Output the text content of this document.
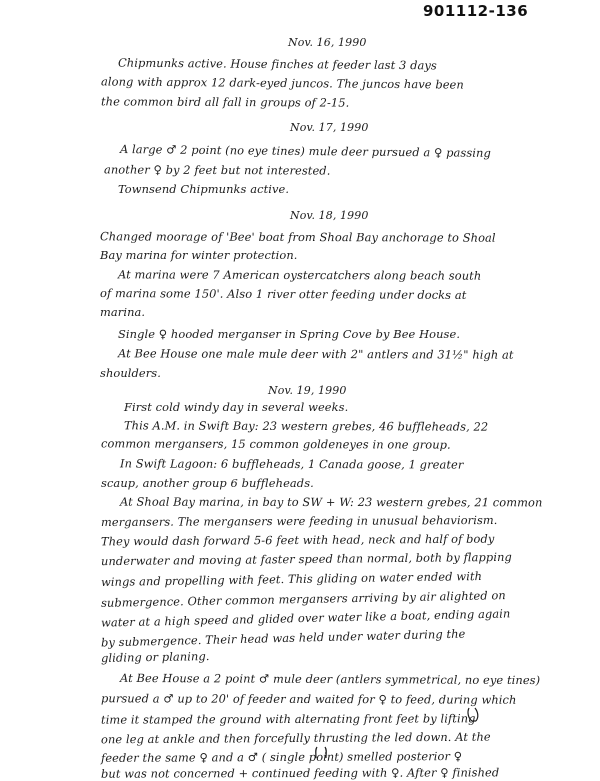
901112-136
Nov. 16, 1990
Chipmunks active. House finches at feeder last 3 days
along with approx 12 dark-eyed juncos. The juncos have been
the common bird all fall in groups of 2-15.
Nov. 17, 1990
A large ♂ 2 point (no eye tines) mule deer pursued a ♀ passing
another ♀ by 2 feet but not interested.
Townsend Chipmunks active.
Nov. 18, 1990
Changed moorage of 'Bee' boat from Shoal Bay anchorage to Shoal
Bay marina for winter protection.
At marina were 7 American oystercatchers along beach south
of marina some 150'. Also 1 river otter feeding under docks at
marina.
Single ♀ hooded merganser in Spring Cove by Bee House.
At Bee House one male mule deer with 2" antlers and 31½" high at
shoulders.
Nov. 19, 1990
First cold windy day in several weeks.
This A.M. in Swift Bay: 23 western grebes, 46 buffleheads, 22
common mergansers, 15 common goldeneyes in one group.
In Swift Lagoon: 6 buffleheads, 1 Canada goose, 1 greater
scaup, another group 6 buffleheads.
At Shoal Bay marina, in bay to SW + W: 23 western grebes, 21 common
mergansers. The mergansers were feeding in unusual behaviorism.
They would dash forward 5-6 feet with head, neck and half of body
underwater and moving at faster speed than normal, both by flapping
wings and propelling with feet. This gliding on water ended with
submergence. Other common mergansers arriving by air alighted on
water at a high speed and glided over water like a boat, ending again
by submergence. Their head was held under water during the
gliding or planing.
At Bee House a 2 point ♂ mule deer (antlers symmetrical, no eye tines)
pursued a ♂ up to 20' of feeder and waited for ♀ to feed, during which
time it stamped the ground with alternating front feet by lifting
one leg at ankle and then forcefully thrusting the led down. At the
feeder the same ♀ and a ♂ ( single point) smelled posterior ♀
but was not concerned + continued feeding with ♀. After ♀ finished
